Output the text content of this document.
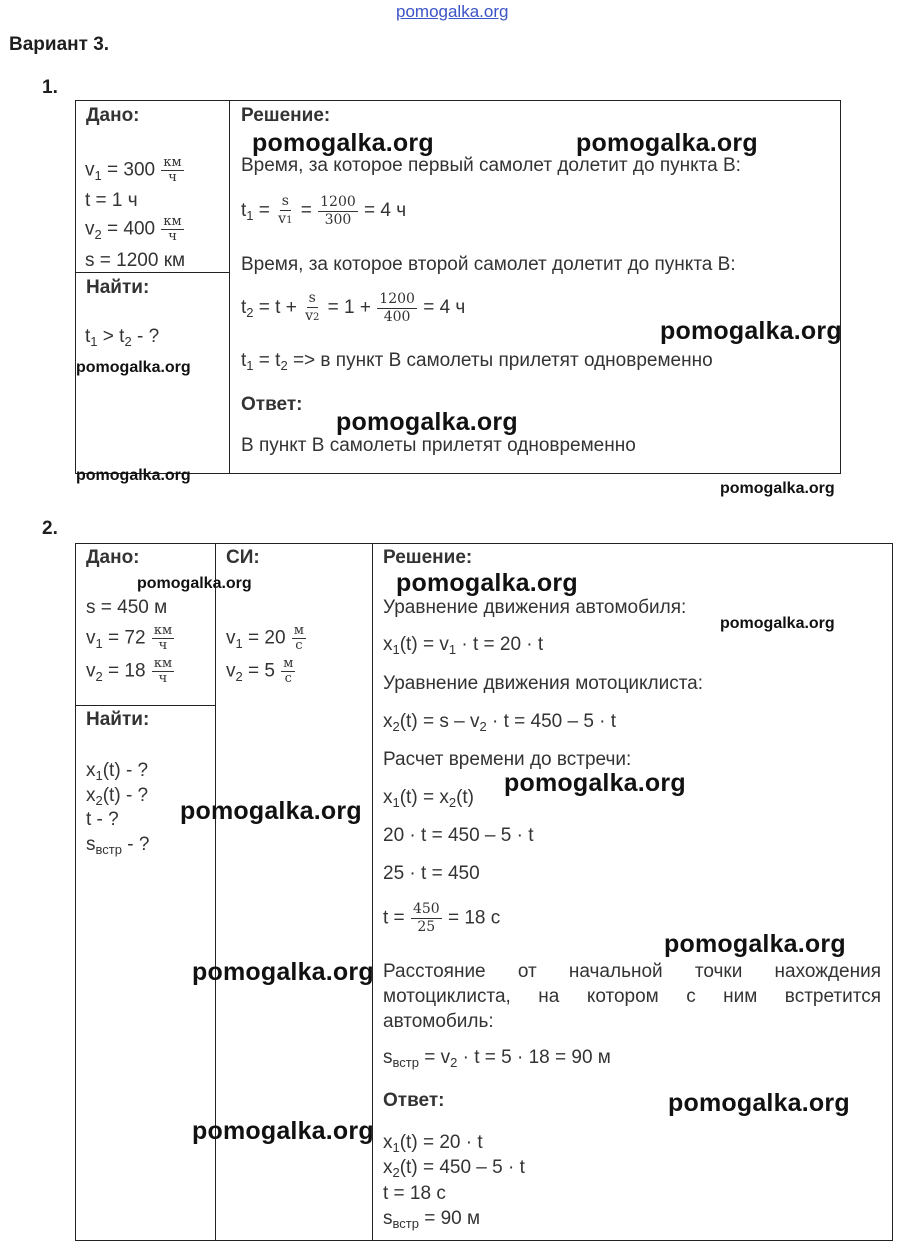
pomogalka.org
Вариант 3.
1.
Дано:
$v_1 = 300 \frac{км}{ч}$
t = 1 ч
$v_2 = 400 \frac{км}{ч}$
s = 1200 км
Найти:
$t_1 > t_2$ - ?
Решение:
Время, за которое первый самолет долетит до пункта В:
$t_1 = \frac{s}{v1} = \frac{1200}{300} = 4$ ч
Время, за которое второй самолет долетит до пункта В:
$t_2 = t + \frac{s}{v2} = 1 + \frac{1200}{400} = 4$ ч
$t_1 = t_2 => в$ пункт В самолеты прилетят одновременно
Ответ:
В пункт В самолеты прилетят одновременно
pomogalka.org	pomogalka.org
pomogalka.org
pomogalka.org
pomogalka.org
pomogalka.org
pomogalka.org
2.
Дано:
s = 450 м
$v_1 = 72 \frac{км}{ч}$
$v_2 = 18 \frac{км}{ч}$
СИ:
$v_1 = 20 \frac{м}{с}$
$v_2 = 5 \frac{м}{с}$
Найти:
$x_1(t)$ - ?
$x_2(t)$ - ?
t - ?
$s_{встр}$ - ?
Решение:
Уравнение движения автомобиля:
$x_1(t) = v_1 \cdot t = 20 \cdot t$
Уравнение движения мотоциклиста:
$x_2(t) = s - v_2 \cdot t = 450 - 5 \cdot t$
Расчет времени до встречи:
$x_1(t) = x_2(t)$
20 · t = 450 – 5 · t
25 · t = 450
$t = \frac{450}{25} = 18$ с
Расстояние от начальной точки нахождения
мотоциклиста, на котором с ним встретится
автомобиль:
$s_{встр} = v_2 \cdot t = 5 \cdot 18 = 90$ м
Ответ:
$x_1(t) = 20 \cdot t$
$x_2(t) = 450 - 5 \cdot t$
t = 18 с
$s_{встр} = 90$ м
pomogalka.org	pomogalka.org
pomogalka.org
pomogalka.org
pomogalka.org
pomogalka.org
pomogalka.org
pomogalka.org
pomogalka.org
